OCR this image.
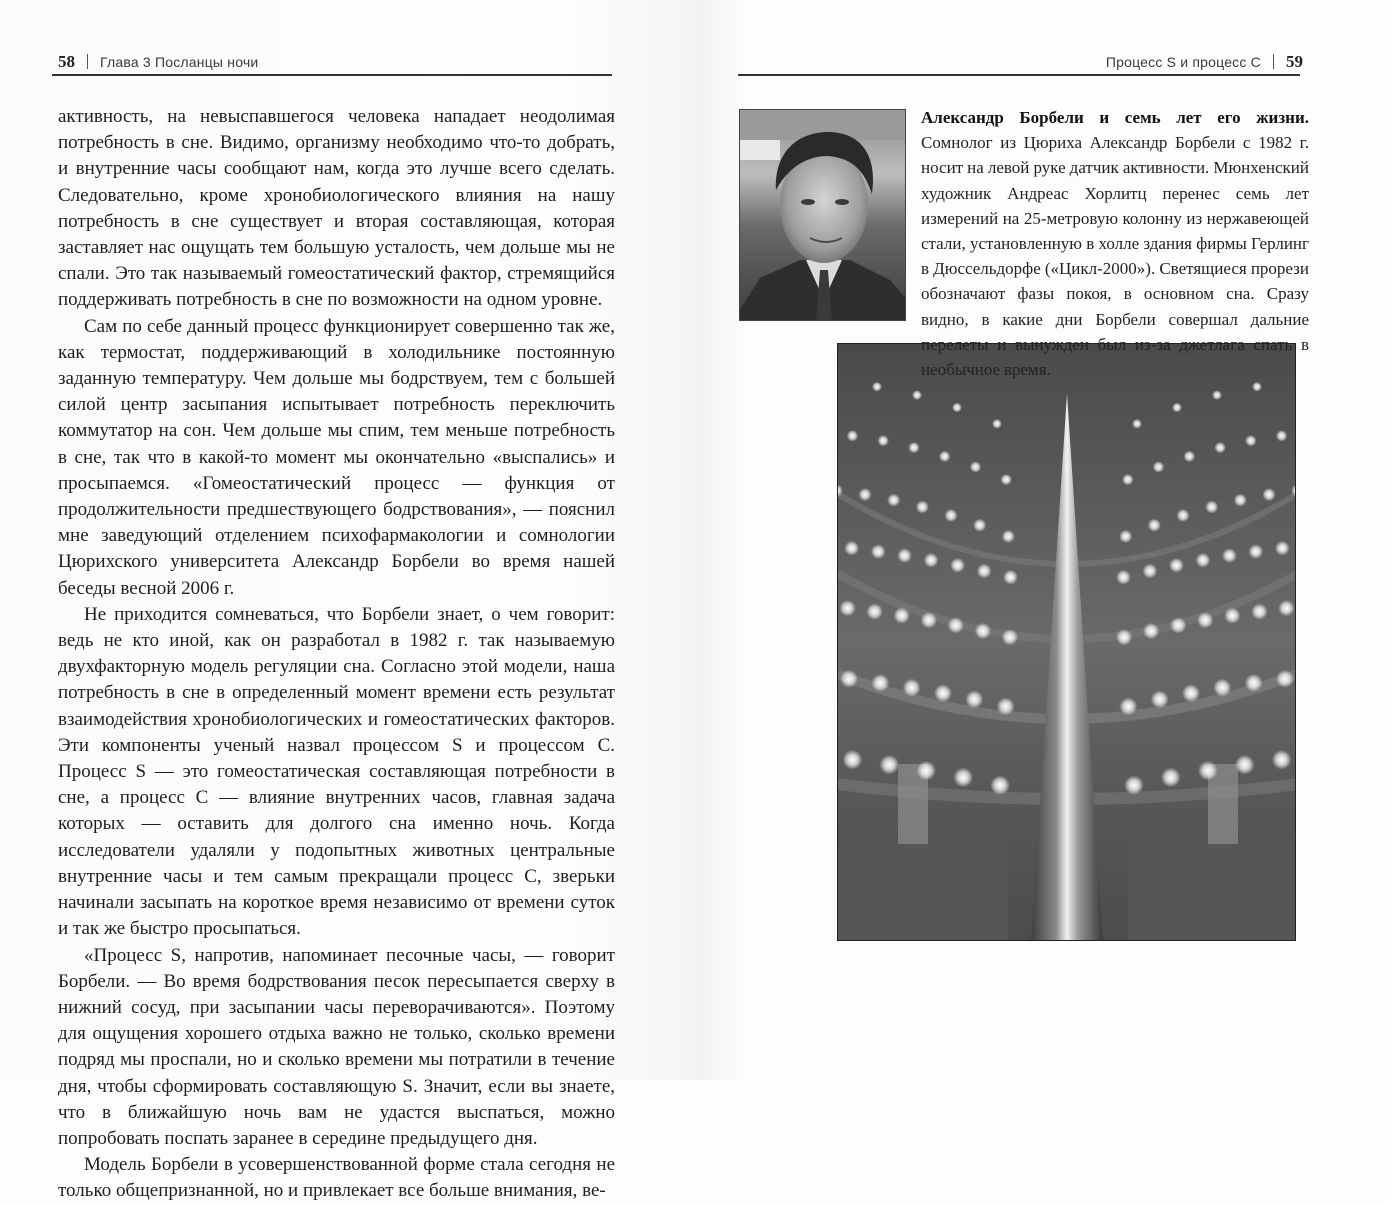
58 Глава 3 Посланцы ночи

активность, на невыспавшегося человека нападает неодолимая потребность в сне. Видимо, организму необходимо что-то добрать, и внутренние часы сообщают нам, когда это лучше всего сделать. Следовательно, кроме хронобиологического влияния на нашу потребность в сне существует и вторая составляющая, которая заставляет нас ощущать тем большую усталость, чем дольше мы не спали. Это так называемый гомеостатический фактор, стремящийся поддерживать потребность в сне по возможности на одном уровне.

Сам по себе данный процесс функционирует совершенно так же, как термостат, поддерживающий в холодильнике постоянную заданную температуру. Чем дольше мы бодрствуем, тем с большей силой центр засыпания испытывает потребность переключить коммутатор на сон. Чем дольше мы спим, тем меньше потребность в сне, так что в какой-то момент мы окончательно «выспались» и просыпаемся. «Гомеостатический процесс — функция от продолжительности предшествующего бодрствования», — пояснил мне заведующий отделением психофармакологии и сомнологии Цюрихского университета Александр Борбели во время нашей беседы весной 2006 г.

Не приходится сомневаться, что Борбели знает, о чем говорит: ведь не кто иной, как он разработал в 1982 г. так называемую двухфакторную модель регуляции сна. Согласно этой модели, наша потребность в сне в определенный момент времени есть результат взаимодействия хронобиологических и гомеостатических факторов. Эти компоненты ученый назвал процессом S и процессом C. Процесс S — это гомеостатическая составляющая потребности в сне, а процесс C — влияние внутренних часов, главная задача которых — оставить для долгого сна именно ночь. Когда исследователи удаляли у подопытных животных центральные внутренние часы и тем самым прекращали процесс C, зверьки начинали засыпать на короткое время независимо от времени суток и так же быстро просыпаться.

«Процесс S, напротив, напоминает песочные часы, — говорит Борбели. — Во время бодрствования песок пересыпается сверху в нижний сосуд, при засыпании часы переворачиваются». Поэтому для ощущения хорошего отдыха важно не только, сколько времени подряд мы проспали, но и сколько времени мы потратили в течение дня, чтобы сформировать составляющую S. Значит, если вы знаете, что в ближайшую ночь вам не удастся выспаться, можно попробовать поспать заранее в середине предыдущего дня.

Модель Борбели в усовершенствованной форме стала сегодня не только общепризнанной, но и привлекает все больше внимания, ве-

Процесс S и процесс C 59
Александр Борбели и семь лет его жизни. Сомнолог из Цюриха Александр Борбели с 1982 г. носит на левой руке датчик активности. Мюнхенский художник Андреас Хорлитц перенес семь лет измерений на 25-метровую колонну из нержавеющей стали, установленную в холле здания фирмы Герлинг в Дюссельдорфе («Цикл-2000»). Светящиеся прорези обозначают фазы покоя, в основном сна. Сразу видно, в какие дни Борбели совершал дальние перелеты и вынужден был из-за джетлага спать в необычное время.
